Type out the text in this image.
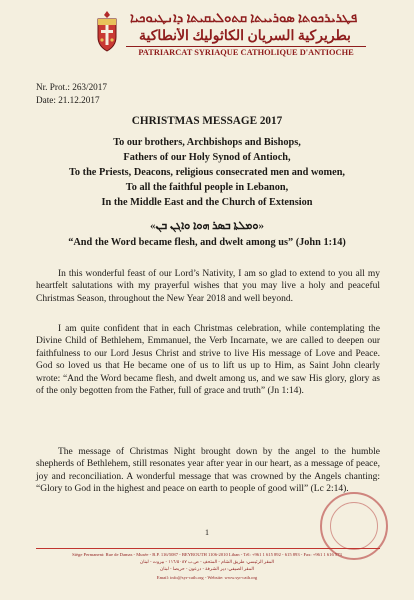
ܦܛܪܝܪܟܘܬܐ ܣܘܪܝܝܬܐ ܩܬܘܠܝܩܝܬܐ ܕܐܢܛܝܘܟܝܐ
بطريركية السريان الكاثوليك الأنطاكية
PATRIARCAT SYRIAQUE CATHOLIQUE D'ANTIOCHE
Nr. Prot.: 263/2017
Date: 21.12.2017
CHRISTMAS MESSAGE 2017
To our brothers, Archbishops and Bishops,
Fathers of our Holy Synod of Antioch,
To the Priests, Deacons, religious consecrated men and women,
To all the faithful people in Lebanon,
In the Middle East and the Church of Extension
«ܘܡܠܬܐ ܒܣܪ ܗܘܐ ܘܐܓܢ ܒܢ»
“And the Word became flesh, and dwelt among us” (John 1:14)

In this wonderful feast of our Lord’s Nativity, I am so glad to extend to you all my heartfelt salutations with my prayerful wishes that you may live a holy and peaceful Christmas Season, throughout the New Year 2018 and well beyond.

I am quite confident that in each Christmas celebration, while contemplating the Divine Child of Bethlehem, Emmanuel, the Verb Incarnate, we are called to deepen our faithfulness to our Lord Jesus Christ and strive to live His message of Love and Peace. God so loved us that He became one of us to lift us up to Him, as Saint John clearly wrote: “And the Word became flesh, and dwelt among us, and we saw His glory, glory as of the only begotten from the Father, full of grace and truth” (Jn 1:14).

The message of Christmas Night brought down by the angel to the humble shepherds of Bethlehem, still resonates year after year in our heart, as a message of peace, joy and reconciliation. A wonderful message that was crowned by the Angels chanting: “Glory to God in the highest and peace on earth to people of good will” (Lc 2:14).

1
Siège Permanent: Rue de Damas - Musée - B.P. 116/5087 - BEYROUTH 1106-2010 Liban - Tél: +961 1 615 892 - 615 893 - Fax: +961 1 616 573
المقر الرئيسي: طريق الشام - المتحف - ص.ب ١١٦/٥٠٨٧ - بيروت - لبنان
المقر الصيفي: دير الشرفة - درعون - حريصا - لبنان
Email: info@syr-cath.org - Website: www.syr-cath.org
